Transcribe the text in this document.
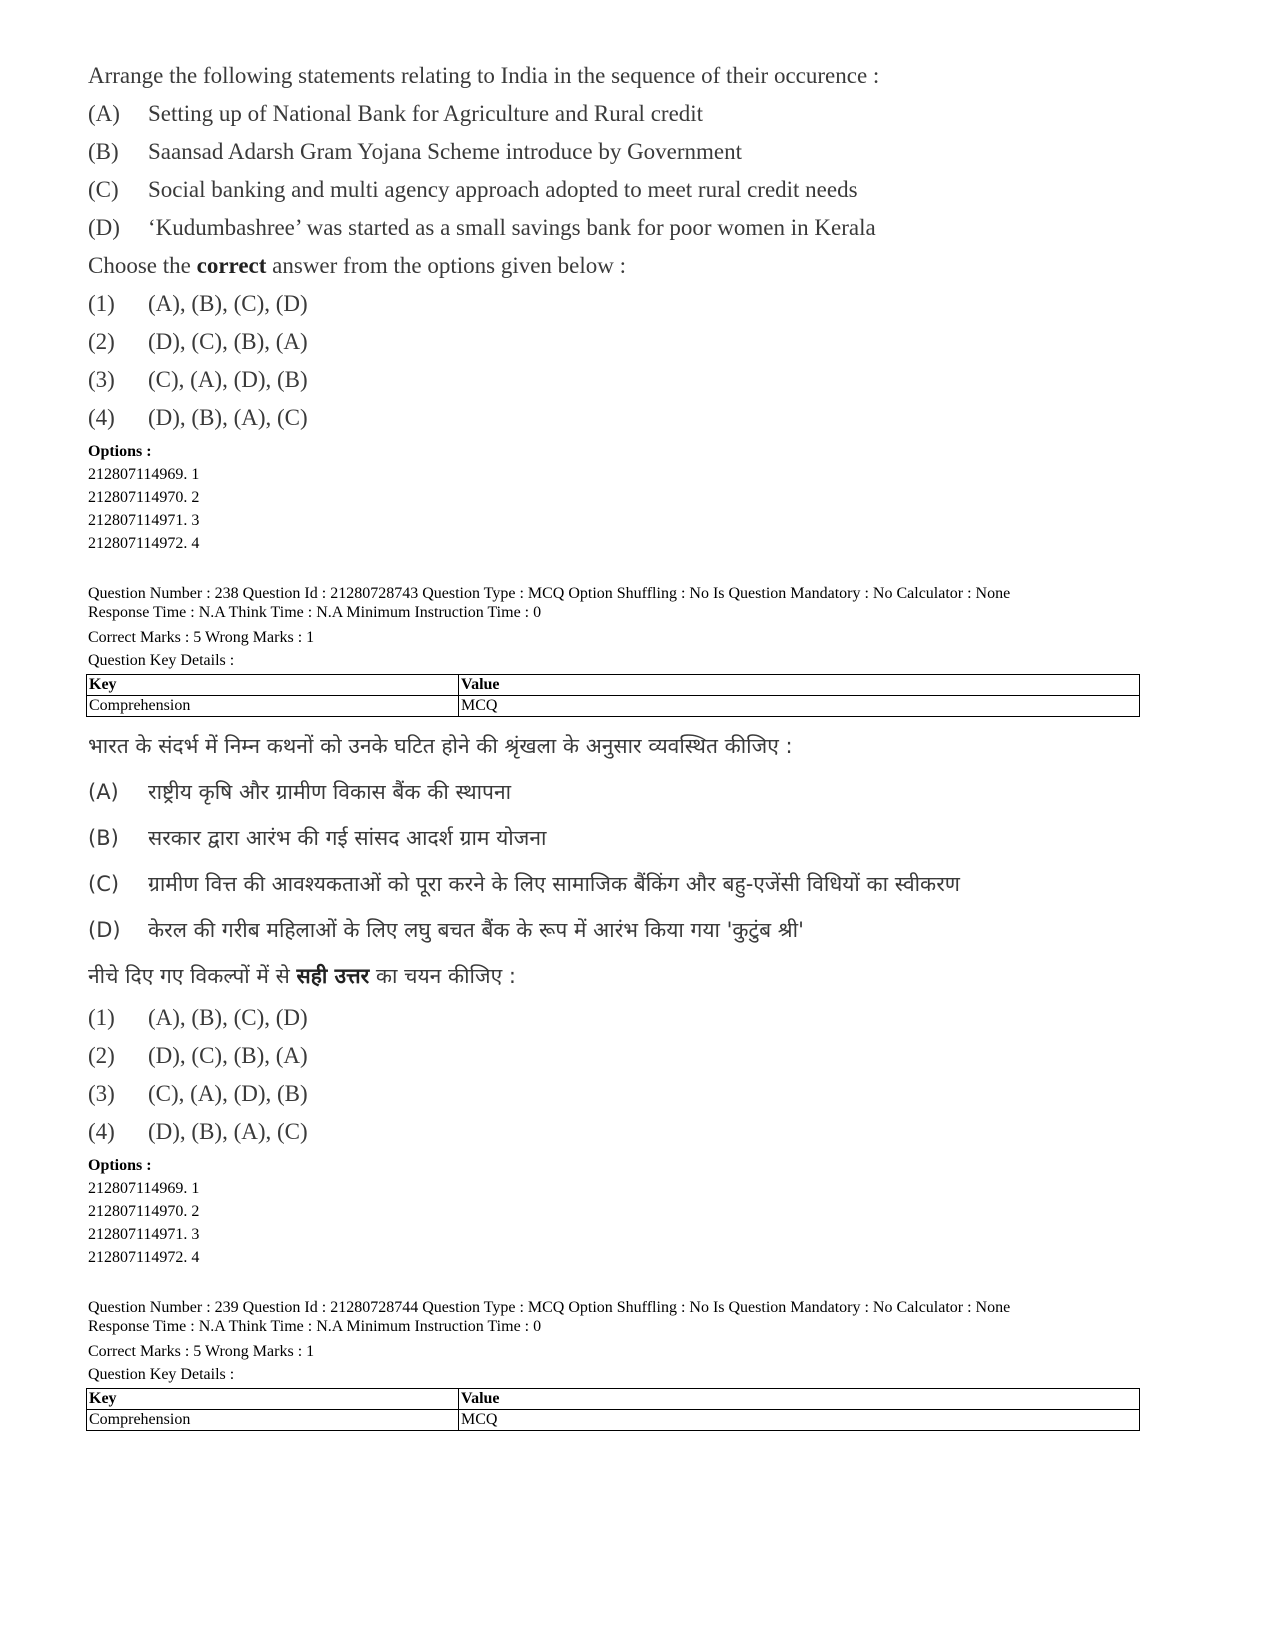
Arrange the following statements relating to India in the sequence of their occurence :
(A)	Setting up of National Bank for Agriculture and Rural credit
(B)	Saansad Adarsh Gram Yojana Scheme introduce by Government
(C)	Social banking and multi agency approach adopted to meet rural credit needs
(D)	‘Kudumbashree’ was started as a small savings bank for poor women in Kerala
Choose the correct answer from the options given below :
(1)	(A), (B), (C), (D)
(2)	(D), (C), (B), (A)
(3)	(C), (A), (D), (B)
(4)	(D), (B), (A), (C)
Options :
212807114969. 1
212807114970. 2
212807114971. 3
212807114972. 4
Question Number : 238 Question Id : 21280728743 Question Type : MCQ Option Shuffling : No Is Question Mandatory : No Calculator : None
Response Time : N.A Think Time : N.A Minimum Instruction Time : 0
Correct Marks : 5 Wrong Marks : 1
Question Key Details :
Key	Value
Comprehension	MCQ
भारत के संदर्भ में निम्न कथनों को उनके घटित होने की श्रृंखला के अनुसार व्यवस्थित कीजिए :
(A)	राष्ट्रीय कृषि और ग्रामीण विकास बैंक की स्थापना
(B)	सरकार द्वारा आरंभ की गई सांसद आदर्श ग्राम योजना
(C)	ग्रामीण वित्त की आवश्यकताओं को पूरा करने के लिए सामाजिक बैंकिंग और बहु-एजेंसी विधियों का स्वीकरण
(D)	केरल की गरीब महिलाओं के लिए लघु बचत बैंक के रूप में आरंभ किया गया 'कुटुंब श्री'
नीचे दिए गए विकल्पों में से सही उत्तर का चयन कीजिए :
(1)	(A), (B), (C), (D)
(2)	(D), (C), (B), (A)
(3)	(C), (A), (D), (B)
(4)	(D), (B), (A), (C)
Options :
212807114969. 1
212807114970. 2
212807114971. 3
212807114972. 4
Question Number : 239 Question Id : 21280728744 Question Type : MCQ Option Shuffling : No Is Question Mandatory : No Calculator : None
Response Time : N.A Think Time : N.A Minimum Instruction Time : 0
Correct Marks : 5 Wrong Marks : 1
Question Key Details :
Key	Value
Comprehension	MCQ
